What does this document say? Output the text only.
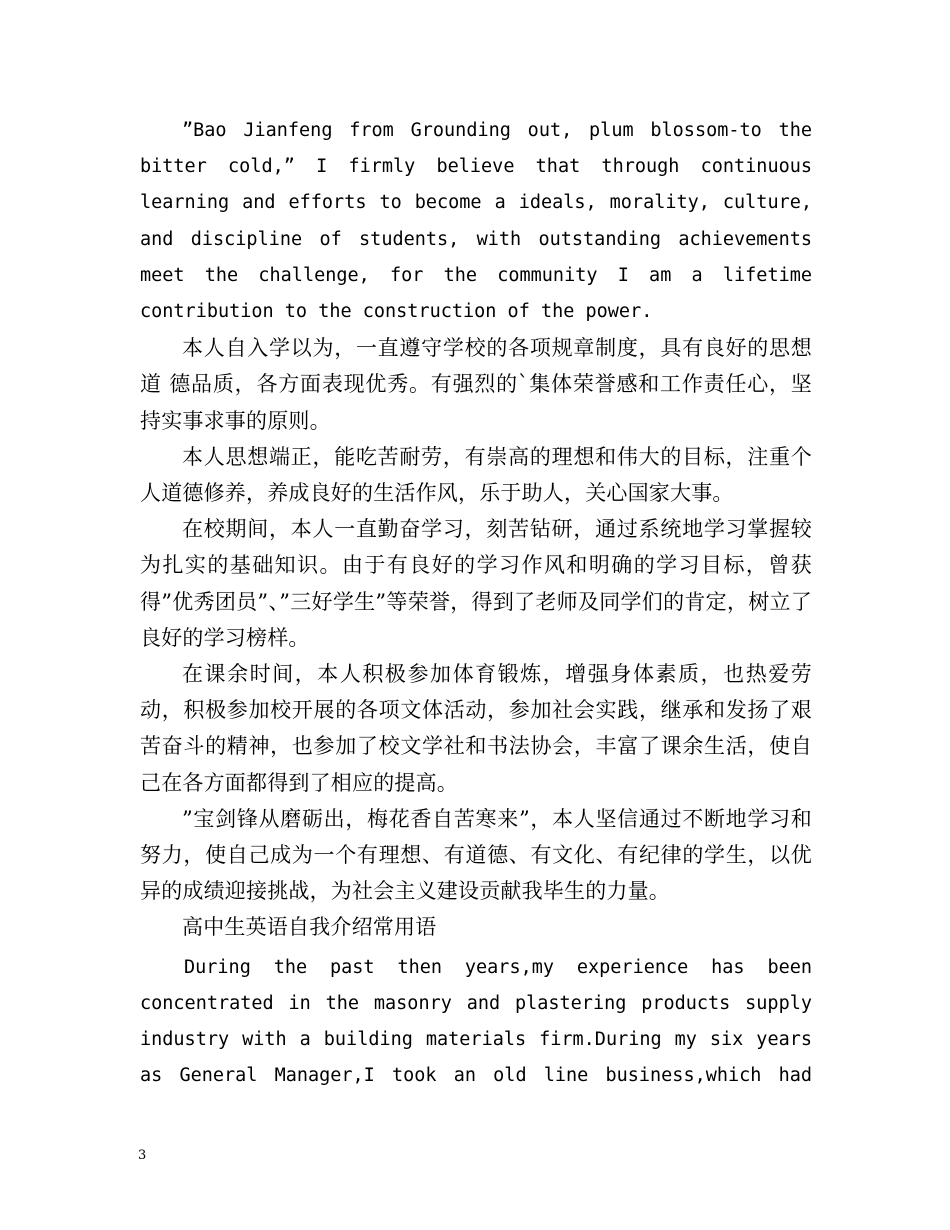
”Bao Jianfeng from Grounding out, plum blossom-to the bitter cold,” I firmly believe that through continuous learning and efforts to become a ideals, morality, culture, and discipline of students, with outstanding achievements meet the challenge, for the community I am a lifetime contribution to the construction of the power.

本人自入学以为，一直遵守学校的各项规章制度，具有良好的思想道 德品质，各方面表现优秀。有强烈的`集体荣誉感和工作责任心，坚持实事求事的原则。

本人思想端正，能吃苦耐劳，有崇高的理想和伟大的目标，注重个人道德修养，养成良好的生活作风，乐于助人，关心国家大事。

在校期间，本人一直勤奋学习，刻苦钻研，通过系统地学习掌握较为扎实的基础知识。由于有良好的学习作风和明确的学习目标，曾获得”优秀团员”、”三好学生”等荣誉，得到了老师及同学们的肯定，树立了良好的学习榜样。

在课余时间，本人积极参加体育锻炼，增强身体素质，也热爱劳动，积极参加校开展的各项文体活动，参加社会实践，继承和发扬了艰苦奋斗的精神，也参加了校文学社和书法协会，丰富了课余生活，使自己在各方面都得到了相应的提高。

”宝剑锋从磨砺出，梅花香自苦寒来”，本人坚信通过不断地学习和努力，使自己成为一个有理想、有道德、有文化、有纪律的学生，以优异的成绩迎接挑战，为社会主义建设贡献我毕生的力量。

高中生英语自我介绍常用语

During the past then years,my experience has been concentrated in the masonry and plastering products supply industry with a building materials firm.During my six years as General Manager,I took an old line business,which had

3
